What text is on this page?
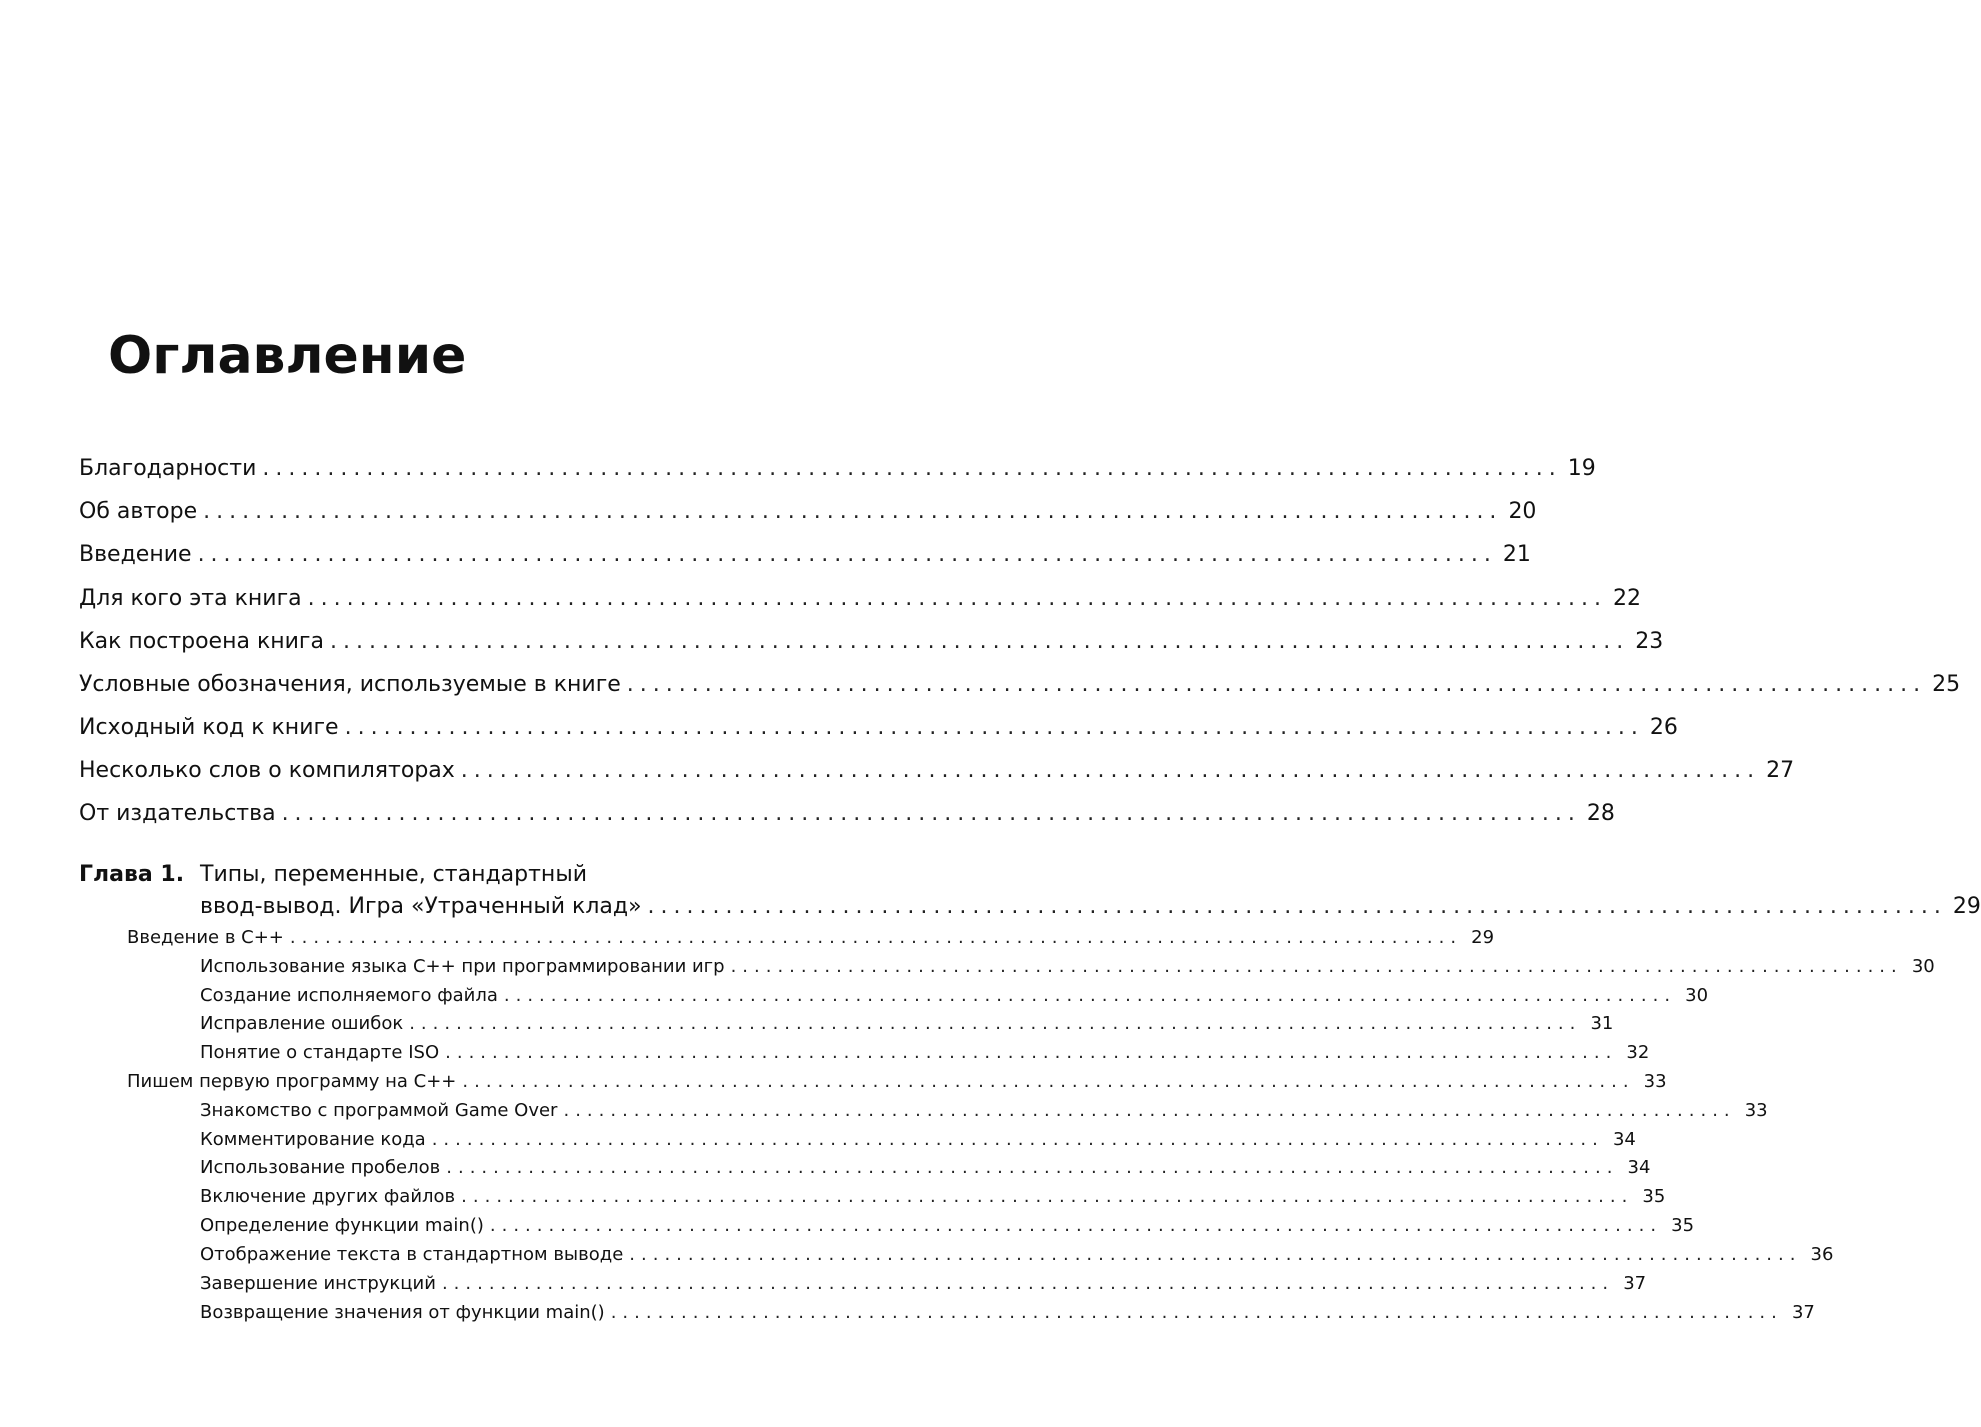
Оглавление
Благодарности .................................................................................................... 19
Об авторе .................................................................................................... 20
Введение .................................................................................................... 21
Для кого эта книга .................................................................................................... 22
Как построена книга .................................................................................................... 23
Условные обозначения, используемые в книге .................................................................................................... 25
Исходный код к книге .................................................................................................... 26
Несколько слов о компиляторах .................................................................................................... 27
От издательства .................................................................................................... 28
Глава 1. Типы, переменные, стандартный
ввод-вывод. Игра «Утраченный клад» .................................................................................................... 29
Введение в C++ .................................................................................................... 29
Использование языка C++ при программировании игр .................................................................................................... 30
Создание исполняемого файла .................................................................................................... 30
Исправление ошибок .................................................................................................... 31
Понятие о стандарте ISO .................................................................................................... 32
Пишем первую программу на C++ .................................................................................................... 33
Знакомство с программой Game Over .................................................................................................... 33
Комментирование кода .................................................................................................... 34
Использование пробелов .................................................................................................... 34
Включение других файлов .................................................................................................... 35
Определение функции main() .................................................................................................... 35
Отображение текста в стандартном выводе .................................................................................................... 36
Завершение инструкций .................................................................................................... 37
Возвращение значения от функции main() .................................................................................................... 37
